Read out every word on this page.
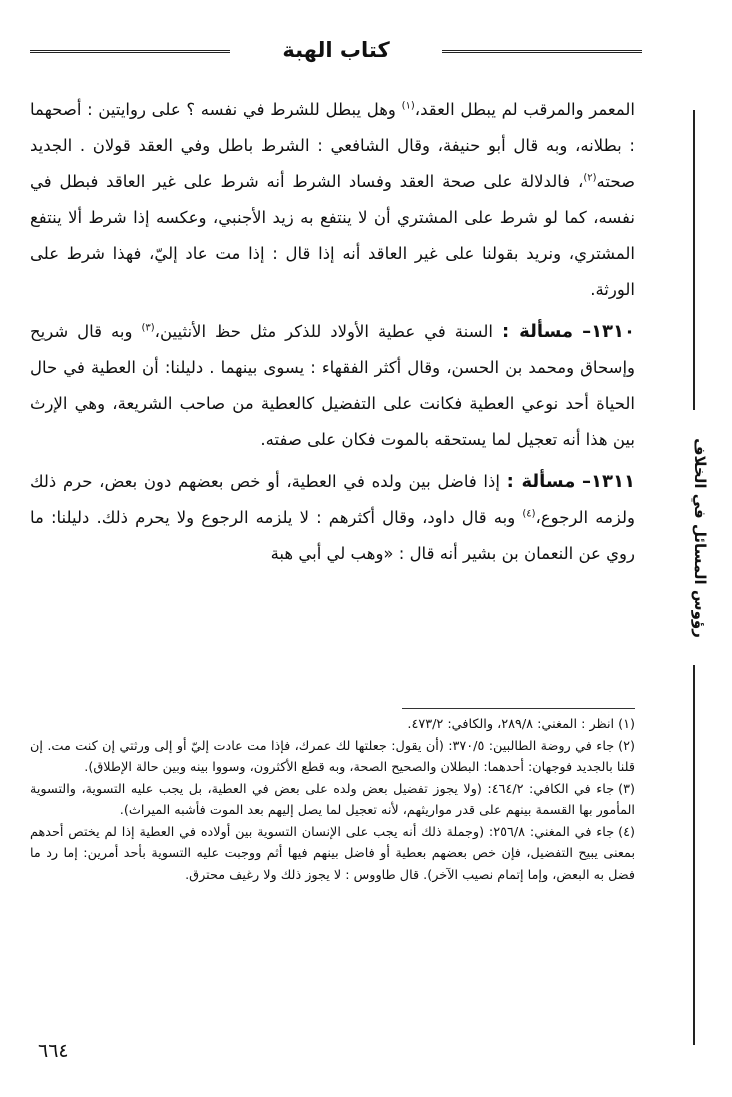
كتاب الهبة
رؤوس المسائل في الخلاف

المعمر والمرقب لم يبطل العقد،$^{(١)}$ وهل يبطل للشرط في نفسه ؟ على روايتين : أصحهما : بطلانه، وبه قال أبو حنيفة، وقال الشافعي : الشرط باطل وفي العقد قولان . الجديد صحته$^{(٢)}$، فالدلالة على صحة العقد وفساد الشرط أنه شرط على غير العاقد فبطل في نفسه، كما لو شرط على المشتري أن لا ينتفع به زيد الأجنبي، وعكسه إذا شرط ألا ينتفع المشتري، ونريد بقولنا على غير العاقد أنه إذا قال : إذا مت عاد إليّ، فهذا شرط على الورثة.

١٣١٠– مسألة : السنة في عطية الأولاد للذكر مثل حظ الأنثيين،$^{(٣)}$ وبه قال شريح وإسحاق ومحمد بن الحسن، وقال أكثر الفقهاء : يسوى بينهما . دليلنا: أن العطية في حال الحياة أحد نوعي العطية فكانت على التفضيل كالعطية من صاحب الشريعة، وهي الإرث بين هذا أنه تعجيل لما يستحقه بالموت فكان على صفته.

١٣١١– مسألة : إذا فاضل بين ولده في العطية، أو خص بعضهم دون بعض، حرم ذلك ولزمه الرجوع،$^{(٤)}$ وبه قال داود، وقال أكثرهم : لا يلزمه الرجوع ولا يحرم ذلك. دليلنا: ما روي عن النعمان بن بشير أنه قال : «وهب لي أبي هبة

(١)انظر : المغني: ٢٨٩/٨، والكافي: ٤٧٣/٢.

(٢)جاء في روضة الطالبين: ٣٧٠/٥: (أن يقول: جعلتها لك عمرك، فإذا مت عادت إليّ أو إلى ورثتي إن كنت مت. إن قلنا بالجديد فوجهان: أحدهما: البطلان والصحيح الصحة، وبه قطع الأكثرون، وسووا بينه وبين حالة الإطلاق).

(٣)جاء في الكافي: ٤٦٤/٢: (ولا يجوز تفضيل بعض ولده على بعض في العطية، بل يجب عليه التسوية، والتسوية المأمور بها القسمة بينهم على قدر مواريثهم، لأنه تعجيل لما يصل إليهم بعد الموت فأشبه الميراث).

(٤)جاء في المغني: ٢٥٦/٨: (وجملة ذلك أنه يجب على الإنسان التسوية بين أولاده في العطية إذا لم يختص أحدهم بمعنى يبيح التفضيل، فإن خص بعضهم بعطية أو فاضل بينهم فيها أثم ووجبت عليه التسوية بأحد أمرين: إما رد ما فضل به البعض، وإما إتمام نصيب الآخر). قال طاووس : لا يجوز ذلك ولا رغيف محترق.

٦٦٤
